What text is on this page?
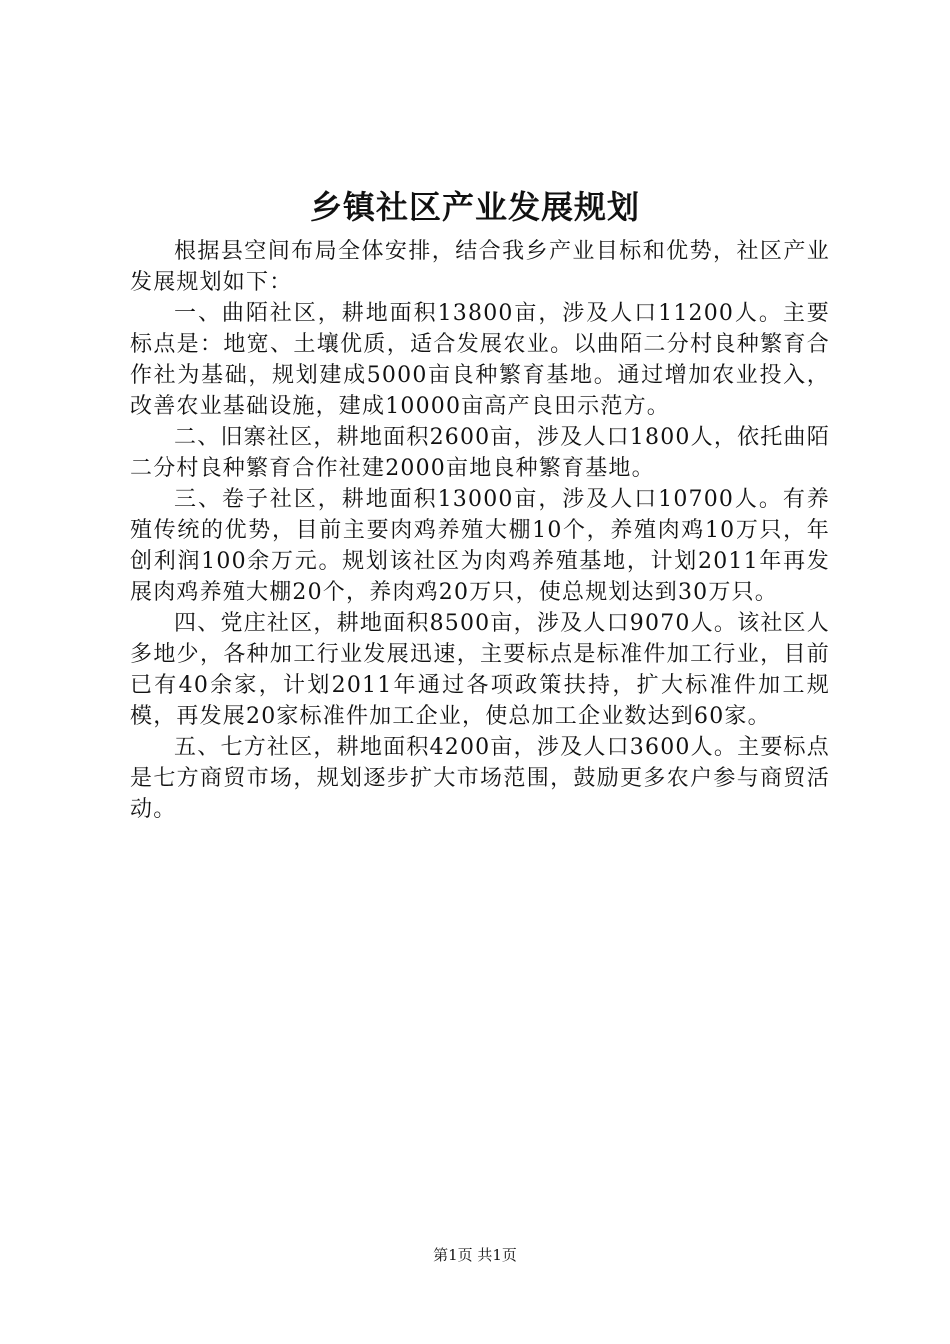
乡镇社区产业发展规划

根据县空间布局全体安排，结合我乡产业目标和优势，社区产业发展规划如下：

一、曲陌社区，耕地面积13800亩，涉及人口11200人。主要标点是：地宽、土壤优质，适合发展农业。以曲陌二分村良种繁育合作社为基础，规划建成5000亩良种繁育基地。通过增加农业投入，改善农业基础设施，建成10000亩高产良田示范方。

二、旧寨社区，耕地面积2600亩，涉及人口1800人，依托曲陌二分村良种繁育合作社建2000亩地良种繁育基地。

三、卷子社区，耕地面积13000亩，涉及人口10700人。有养殖传统的优势，目前主要肉鸡养殖大棚10个，养殖肉鸡10万只，年创利润100余万元。规划该社区为肉鸡养殖基地，计划2011年再发展肉鸡养殖大棚20个，养肉鸡20万只，使总规划达到30万只。

四、党庄社区，耕地面积8500亩，涉及人口9070人。该社区人多地少，各种加工行业发展迅速，主要标点是标准件加工行业，目前已有40余家，计划2011年通过各项政策扶持，扩大标准件加工规模，再发展20家标准件加工企业，使总加工企业数达到60家。

五、七方社区，耕地面积4200亩，涉及人口3600人。主要标点是七方商贸市场，规划逐步扩大市场范围，鼓励更多农户参与商贸活动。

第1页 共1页
